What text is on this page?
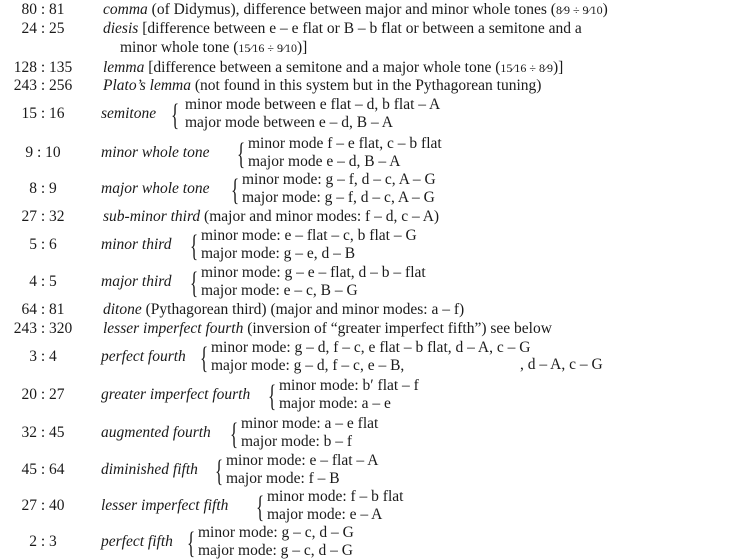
80 : 81	comma (of Didymus), difference between major and minor whole tones (8⁄9 ÷ 9⁄10)
24 : 25	diesis [difference between e – e flat or B – b flat or between a semitone and a
minor whole tone (15⁄16 ÷ 9⁄10)]
128 : 135	lemma [difference between a semitone and a major whole tone (15⁄16 ÷ 8⁄9)]
243 : 256	Plato’s lemma (not found in this system but in the Pythagorean tuning)
15 : 16	semitone { minor mode between e flat – d, b flat – A
major mode between e – d, B – A
9 : 10	minor whole tone { minor mode f – e flat, c – b flat
major mode e – d, B – A
8 : 9	major whole tone { minor mode: g – f, d – c, A – G
major mode: g – f, d – c, A – G
27 : 32	sub-minor third (major and minor modes: f – d, c – A)
5 : 6	minor third { minor mode: e – flat – c, b flat – G
major mode: g – e, d – B
4 : 5	major third { minor mode: g – e – flat, d – b – flat
major mode: e – c, B – G
64 : 81	ditone (Pythagorean third) (major and minor modes: a – f)
243 : 320	lesser imperfect fourth (inversion of “greater imperfect fifth”) see below
3 : 4	perfect fourth { minor mode: g – d, f – c, e flat – b flat, d – A, c – G
major mode: g – d, f – c, e – B,	, d – A, c – G
20 : 27	greater imperfect fourth { minor mode: b′ flat – f
major mode: a – e
32 : 45	augmented fourth { minor mode: a – e flat
major mode: b – f
45 : 64	diminished fifth { minor mode: e – flat – A
major mode: f – B
27 : 40	lesser imperfect fifth { minor mode: f – b flat
major mode: e – A
2 : 3	perfect fifth { minor mode: g – c, d – G
major mode: g – c, d – G
